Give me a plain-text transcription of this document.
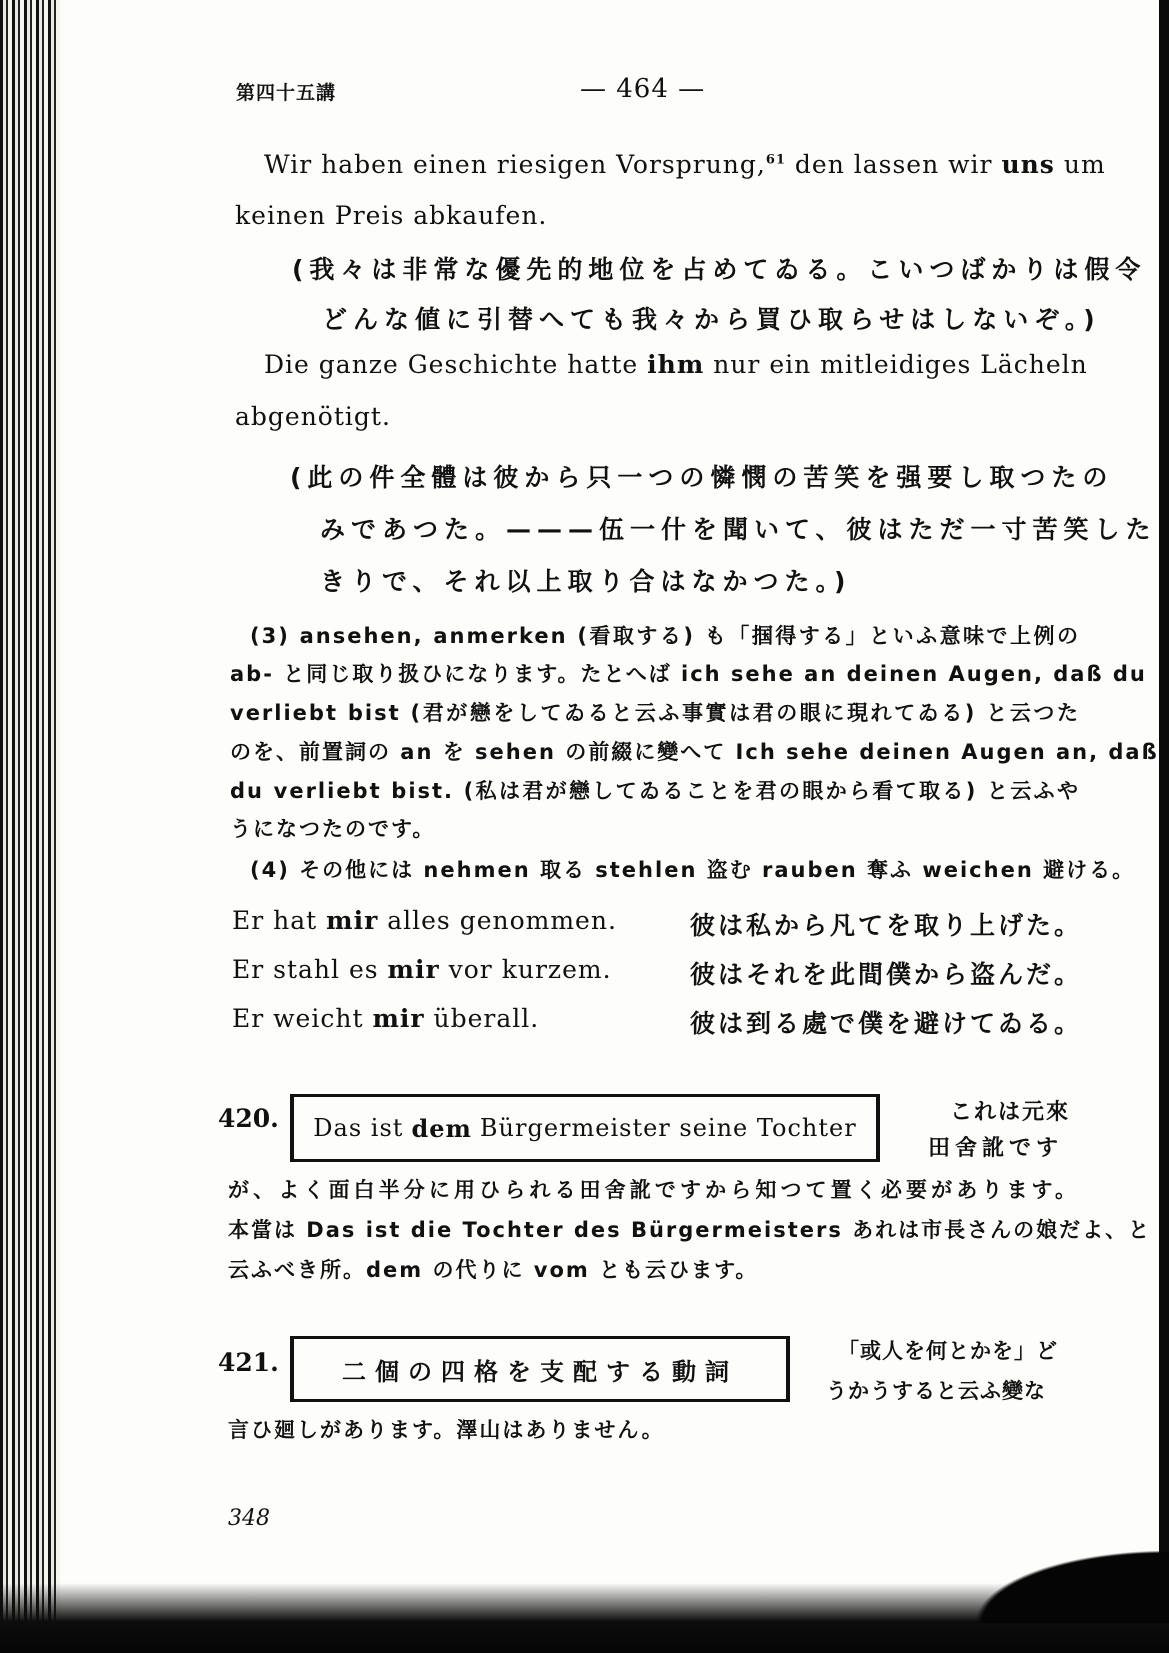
第四十五講	— 464 —
Wir haben einen riesigen Vorsprung,$^{61}$ den lassen wir uns um
keinen Preis abkaufen.
(我々は非常な優先的地位を占めてゐる。こいつばかりは假令
どんな値に引替へても我々から買ひ取らせはしないぞ。)
Die ganze Geschichte hatte ihm nur ein mitleidiges Lächeln
abgenötigt.
(此の件全體は彼から只一つの憐憫の苦笑を强要し取つたの
みであつた。———伍一什を聞いて、彼はただ一寸苦笑した
きりで、それ以上取り合はなかつた。)
(3) ansehen, anmerken (看取する) も「掴得する」といふ意味で上例の
ab- と同じ取り扱ひになります。たとへば ich sehe an deinen Augen, daß du
verliebt bist (君が戀をしてゐると云ふ事實は君の眼に現れてゐる) と云つた
のを、前置詞の an を sehen の前綴に變へて Ich sehe deinen Augen an, daß
du verliebt bist. (私は君が戀してゐることを君の眼から看て取る) と云ふや
うになつたのです。
(4) その他には nehmen 取る stehlen 盗む rauben 奪ふ weichen 避ける。
Er hat mir alles genommen.	彼は私から凡てを取り上げた。
Er stahl es mir vor kurzem.	彼はそれを此間僕から盗んだ。
Er weicht mir überall.	彼は到る處で僕を避けてゐる。
420. Das ist dem Bürgermeister seine Tochter
これは元來
田舍訛です
が、よく面白半分に用ひられる田舍訛ですから知つて置く必要があります。
本當は Das ist die Tochter des Bürgermeisters あれは市長さんの娘だよ、と
云ふべき所。dem の代りに vom とも云ひます。
421.	二個の四格を支配する動詞
「或人を何とかを」ど
うかうすると云ふ變な
言ひ廻しがあります。澤山はありません。
348
